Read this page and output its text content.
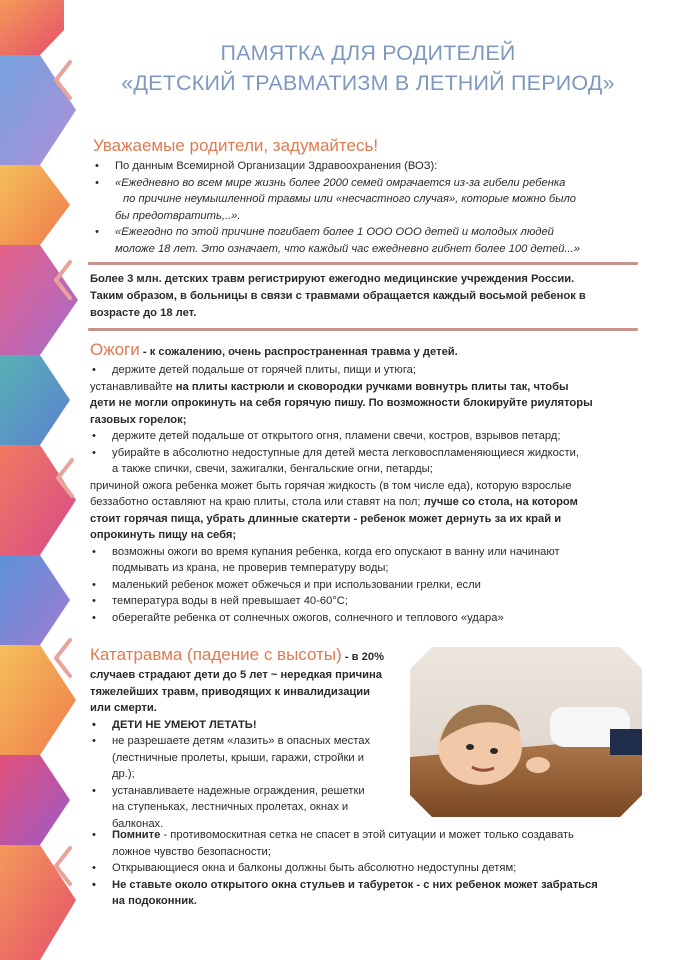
ПАМЯТКА ДЛЯ РОДИТЕЛЕЙ
«ДЕТСКИЙ ТРАВМАТИЗМ В ЛЕТНИЙ ПЕРИОД»
Уважаемые родители, задумайтесь!
• По данным Всемирной Организации Здравоохранения (ВОЗ):
• «Ежедневно во всем мире жизнь более 2000 семей омрачается из-за гибели ребенка
по причине неумышленной травмы или «несчастного случая», которые можно было
бы предотвратить,..».
• «Ежегодно по этой причине погибает более 1 ООО ООО детей и молодых людей
моложе 18 лет. Это означает, что каждый час ежедневно гибнет более 100 детей...»
Более 3 млн. детских травм регистрируют ежегодно медицинские учреждения России.
Таким образом, в больницы в связи с травмами обращается каждый восьмой ребенок в
возрасте до 18 лет.
Ожоги - к сожалению, очень распространенная травма у детей.
• держите детей подальше от горячей плиты, пищи и утюга;
устанавливайте на плиты кастрюли и сковородки ручками вовнутрь плиты так, чтобы
дети не могли опрокинуть на себя горячую пишу. По возможности блокируйте риуляторы
газовых горелок;
• держите детей подальше от открытого огня, пламени свечи, костров, взрывов петард;
• убирайте в абсолютно недоступные для детей места легковоспламеняющиеся жидкости,
а также спички, свечи, зажигалки, бенгальские огни, петарды;
причиной ожога ребенка может быть горячая жидкость (в том числе еда), которую взрослые
беззаботно оставляют на краю плиты, стола или ставят на пол; лучше со стола, на котором
стоит горячая пища, убрать длинные скатерти - ребенок может дернуть за их край и
опрокинуть пищу на себя;
• возможны ожоги во время купания ребенка, когда его опускают в ванну или начинают
подмывать из крана, не проверив температуру воды;
• маленький ребенок может обжечься и при использовании грелки, если
• температура воды в ней превышает 40-60°С;
• оберегайте ребенка от солнечных ожогов, солнечного и теплового «удара»
Кататравма (падение с высоты) - в 20%
случаев страдают дети до 5 лет ~ нередкая причина
тяжелейших травм, приводящих к инвалидизации
или смерти.
• ДЕТИ НЕ УМЕЮТ ЛЕТАТЬ!
• не разрешаете детям «лазить» в опасных местах
(лестничные пролеты, крыши, гаражи, стройки и
др.);
• устанавливаете надежные ограждения, решетки
на ступеньках, лестничных пролетах, окнах и
балконах.
• Помните - противомоскитная сетка не спасет в этой ситуации и может только создавать
ложное чувство безопасности;
• Открывающиеся окна и балконы должны быть абсолютно недоступны детям;
• Не ставьте около открытого окна стульев и табуреток - с них ребенок может забраться
на подоконник.
